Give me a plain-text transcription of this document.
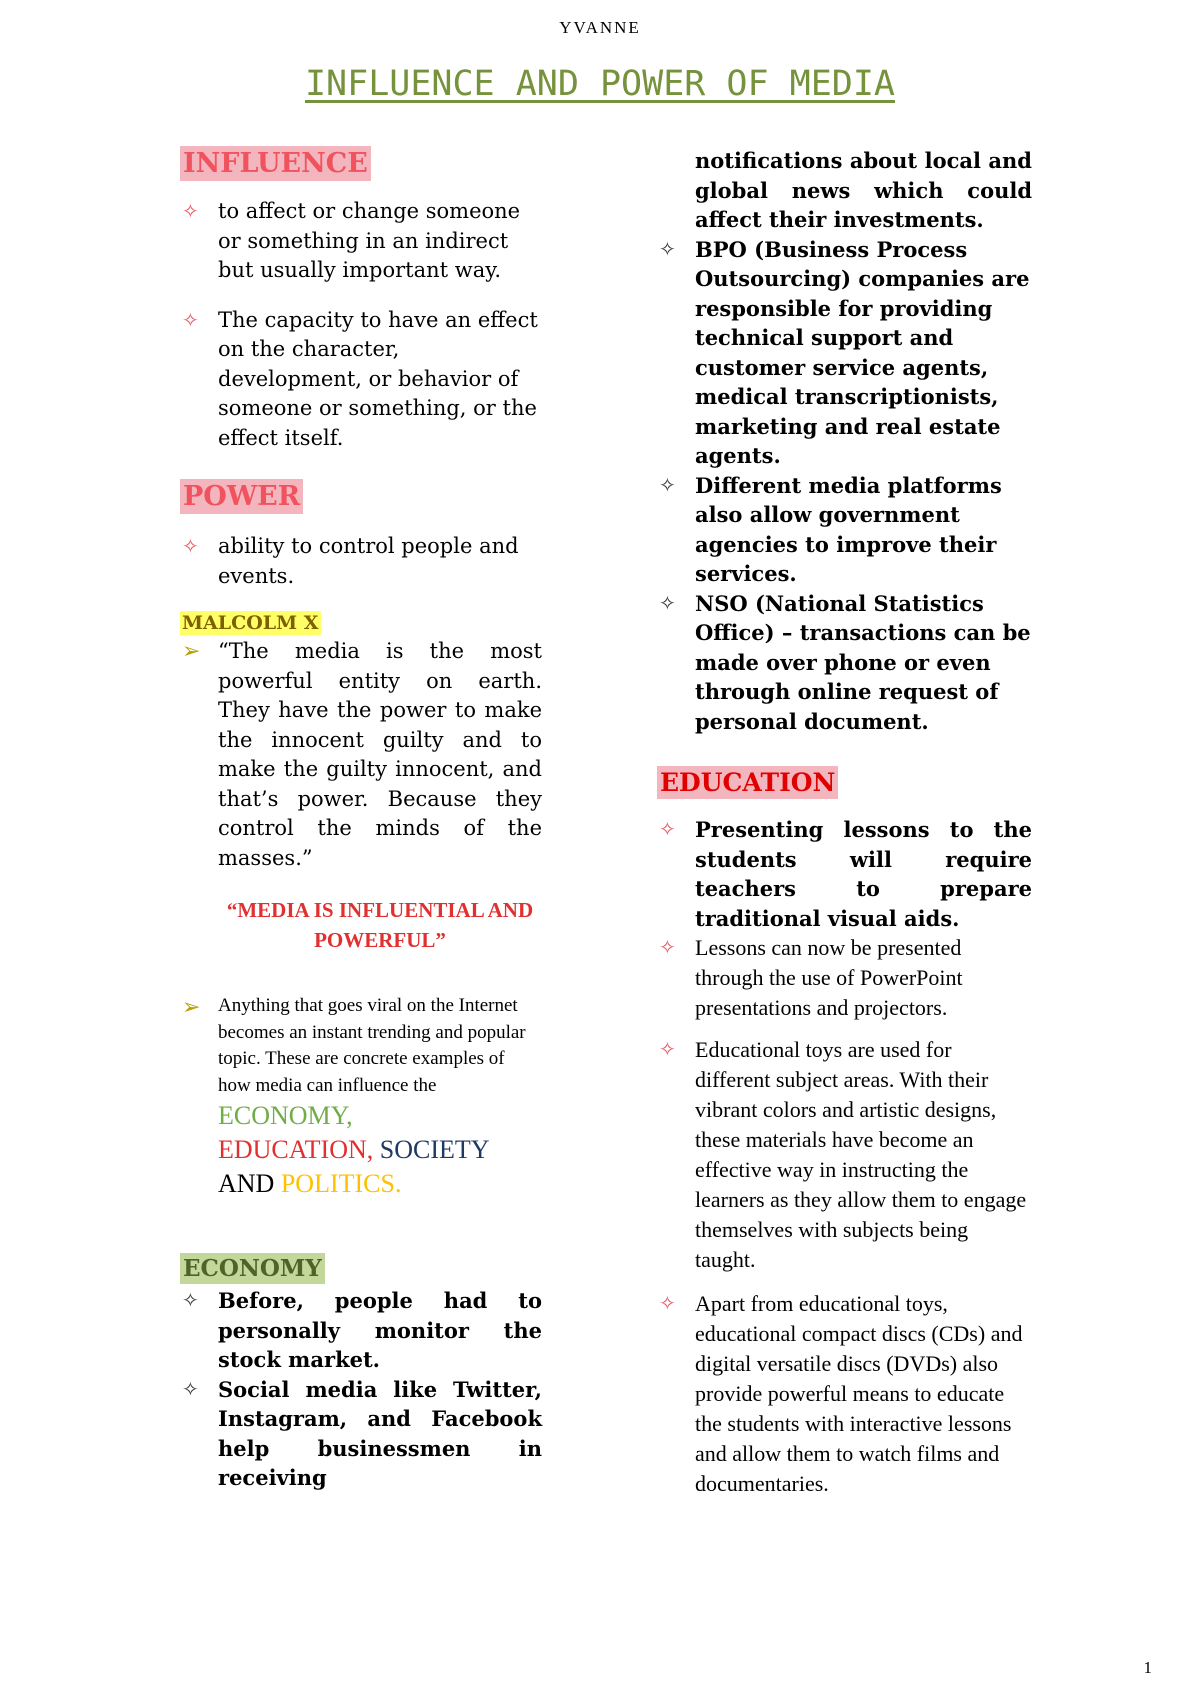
YVANNE
INFLUENCE AND POWER OF MEDIA
INFLUENCE
✧ to affect or change someone or something in an indirect but usually important way.
✧ The capacity to have an effect on the character, development, or behavior of someone or something, or the effect itself.
POWER
✧ ability to control people and events.
MALCOLM X
➢ “The media is the most powerful entity on earth. They have the power to make the innocent guilty and to make the guilty innocent, and that’s power. Because they control the minds of the masses.”
“MEDIA IS INFLUENTIAL AND
POWERFUL”
➢ Anything that goes viral on the Internet becomes an instant trending and popular topic. These are concrete examples of how media can influence the
ECONOMY,
EDUCATION, SOCIETY
AND POLITICS.
ECONOMY
✧ Before, people had to personally monitor the stock market.
✧ Social media like Twitter, Instagram, and Facebook help businessmen in receiving
notifications about local and global news which could affect their investments.
✧ BPO (Business Process Outsourcing) companies are responsible for providing technical support and customer service agents, medical transcriptionists, marketing and real estate agents.
✧ Different media platforms also allow government agencies to improve their services.
✧ NSO (National Statistics Office) – transactions can be made over phone or even through online request of personal document.
EDUCATION
✧ Presenting lessons to the students will require teachers to prepare traditional visual aids.
✧ Lessons can now be presented through the use of PowerPoint presentations and projectors.
✧ Educational toys are used for different subject areas. With their vibrant colors and artistic designs, these materials have become an effective way in instructing the learners as they allow them to engage themselves with subjects being taught.
✧ Apart from educational toys, educational compact discs (CDs) and digital versatile discs (DVDs) also provide powerful means to educate the students with interactive lessons and allow them to watch films and documentaries.
1
